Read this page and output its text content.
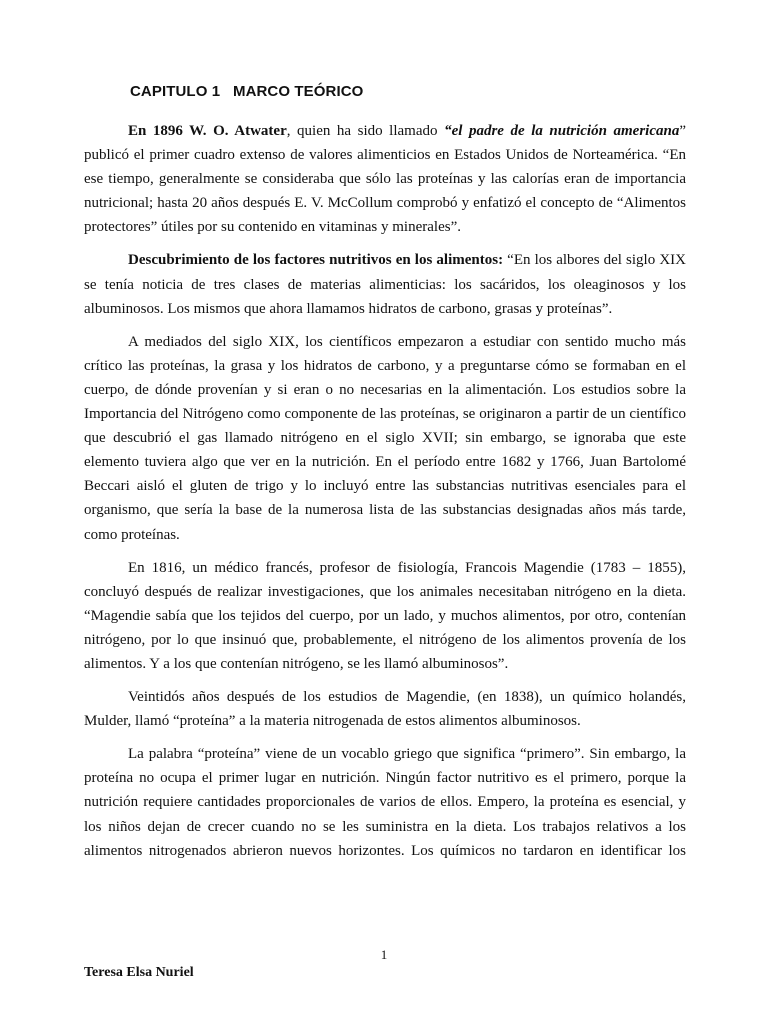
CAPITULO 1   MARCO TEÓRICO

En 1896 W. O. Atwater, quien ha sido llamado “el padre de la nutrición americana” publicó el primer cuadro extenso de valores alimenticios en Estados Unidos de Norteamérica. “En ese tiempo, generalmente se consideraba que sólo las proteínas y las calorías eran de importancia nutricional; hasta 20 años después E. V. McCollum comprobó y enfatizó el concepto de “Alimentos protectores” útiles por su contenido en vitaminas y minerales”.

Descubrimiento de los factores nutritivos en los alimentos: “En los albores del siglo XIX se tenía noticia de tres clases de materias alimenticias: los sacáridos, los oleaginosos y los albuminosos. Los mismos que ahora llamamos hidratos de carbono, grasas y proteínas”.

A mediados del siglo XIX, los científicos empezaron a estudiar con sentido mucho más crítico las proteínas, la grasa y los hidratos de carbono, y a preguntarse cómo se formaban en el cuerpo, de dónde provenían y si eran o no necesarias en la alimentación. Los estudios sobre la Importancia del Nitrógeno como componente de las proteínas, se originaron a partir de un científico que descubrió el gas llamado nitrógeno en el siglo XVII; sin embargo, se ignoraba que este elemento tuviera algo que ver en la nutrición. En el período entre 1682 y 1766, Juan Bartolomé Beccari aisló el gluten de trigo y lo incluyó entre las substancias nutritivas esenciales para el organismo, que sería la base de la numerosa lista de las substancias designadas años más tarde, como proteínas.

En 1816, un médico francés, profesor de fisiología, Francois Magendie (1783 – 1855), concluyó después de realizar investigaciones, que los animales necesitaban nitrógeno en la dieta. “Magendie sabía que los tejidos del cuerpo, por un lado, y muchos alimentos, por otro, contenían nitrógeno, por lo que insinuó que, probablemente, el nitrógeno de los alimentos provenía de los alimentos. Y a los que contenían nitrógeno, se les llamó albuminosos”.

Veintidós años después de los estudios de Magendie, (en 1838), un químico holandés, Mulder, llamó “proteína” a la materia nitrogenada de estos alimentos albuminosos.

La palabra “proteína” viene de un vocablo griego que significa “primero”. Sin embargo, la proteína no ocupa el primer lugar en nutrición. Ningún factor nutritivo es el primero, porque la nutrición requiere cantidades proporcionales de varios de ellos. Empero, la proteína es esencial, y los niños dejan de crecer cuando no se les suministra en la dieta. Los trabajos relativos a los alimentos nitrogenados abrieron nuevos horizontes. Los químicos no tardaron en identificar los

1
Teresa Elsa Nuriel
